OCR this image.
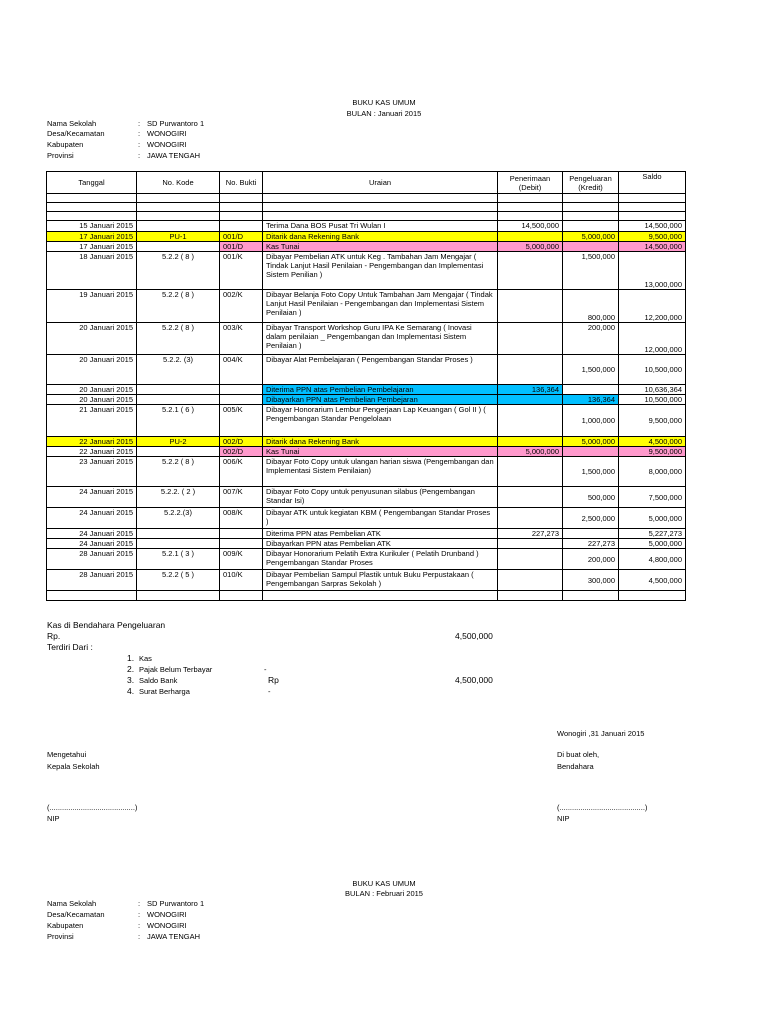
BUKU KAS UMUM
BULAN : Januari 2015
Nama Sekolah	: SD Purwantoro 1
Desa/Kecamatan	: WONOGIRI
Kabupaten	: WONOGIRI
Provinsi	: JAWA TENGAH
Tanggal	No. Kode	No. Bukti	Uraian	Penerimaan (Debit)	Pengeluaran (Kredit)	Saldo

15 Januari 2015			Terima Dana BOS Pusat Tri Wulan I	14,500,000		14,500,000
17 Januari 2015	PU-1	001/D	Ditarik dana Rekening Bank		5,000,000	9,500,000
17 Januari 2015		001/D	Kas Tunai	5,000,000		14,500,000
18 Januari 2015	5.2.2 ( 8 )	001/K	Dibayar Pembelian ATK untuk Keg . Tambahan Jam Mengajar ( Tindak Lanjut Hasil Penilaian - Pengembangan dan Implementasi Sistem Penilian )		1,500,000	13,000,000
19 Januari 2015	5.2.2 ( 8 )	002/K	Dibayar Belanja Foto Copy Untuk Tambahan Jam Mengajar ( Tindak Lanjut Hasil Penilaian - Pengembangan dan Implementasi Sistem Penilaian )		800,000	12,200,000
20 Januari 2015	5.2.2 ( 8 )	003/K	Dibayar Transport Workshop Guru IPA Ke Semarang ( Inovasi dalam penilaian _ Pengembangan dan Implementasi Sistem Penilaian )		200,000	12,000,000
20 Januari 2015	5.2.2. (3)	004/K	Dibayar Alat Pembelajaran ( Pengembangan Standar Proses )		1,500,000	10,500,000
20 Januari 2015			Diterima PPN atas Pembelian Pembelajaran	136,364		10,636,364
20 Januari 2015			Dibayarkan PPN atas Pembelian Pembejaran		136,364	10,500,000
21 Januari 2015	5.2.1 ( 6 )	005/K	Dibayar Honorarium Lembur Pengerjaan Lap Keuangan ( Gol II ) ( Pengembangan Standar Pengelolaan		1,000,000	9,500,000
22 Januari 2015	PU-2	002/D	Ditarik dana Rekening Bank		5,000,000	4,500,000
22 Januari 2015		002/D	Kas Tunai	5,000,000		9,500,000
23 Januari 2015	5.2.2 ( 8 )	006/K	Dibayar Foto Copy untuk ulangan harian siswa (Pengembangan dan Implementasi Sistem Penilaian)		1,500,000	8,000,000
24 Januari 2015	5.2.2. ( 2 )	007/K	Dibayar Foto Copy untuk penyusunan silabus (Pengembangan Standar Isi)		500,000	7,500,000
24 Januari 2015	5.2.2.(3)	008/K	Dibayar ATK untuk kegiatan KBM ( Pengembangan Standar Proses )		2,500,000	5,000,000
24 Januari 2015			Diterima PPN atas Pembelian ATK	227,273		5,227,273
24 Januari 2015			Dibayarkan PPN atas Pembelian ATK		227,273	5,000,000
28 Januari 2015	5.2.1 ( 3 )	009/K	Dibayar Honorarium Pelatih Extra Kurikuler ( Pelatih Drunband ) Pengembangan Standar Proses		200,000	4,800,000
28 Januari 2015	5.2.2 ( 5 )	010/K	Dibayar Pembelian Sampul Plastik untuk Buku Perpustakaan ( Pengembangan Sarpras Sekolah )		300,000	4,500,000

Kas di Bendahara Pengeluaran
Rp.	4,500,000
Terdiri Dari :
1. Kas
2. Pajak Belum Terbayar	-
3. Saldo Bank	Rp	4,500,000
4. Surat Berharga	-
Wonogiri ,31 Januari 2015
Mengetahui
Kepala Sekolah
Di buat oleh,
Bendahara
(.........................................)	(.........................................)
NIP	NIP
BUKU KAS UMUM
BULAN : Februari 2015
Nama Sekolah	: SD Purwantoro 1
Desa/Kecamatan	: WONOGIRI
Kabupaten	: WONOGIRI
Provinsi	: JAWA TENGAH
